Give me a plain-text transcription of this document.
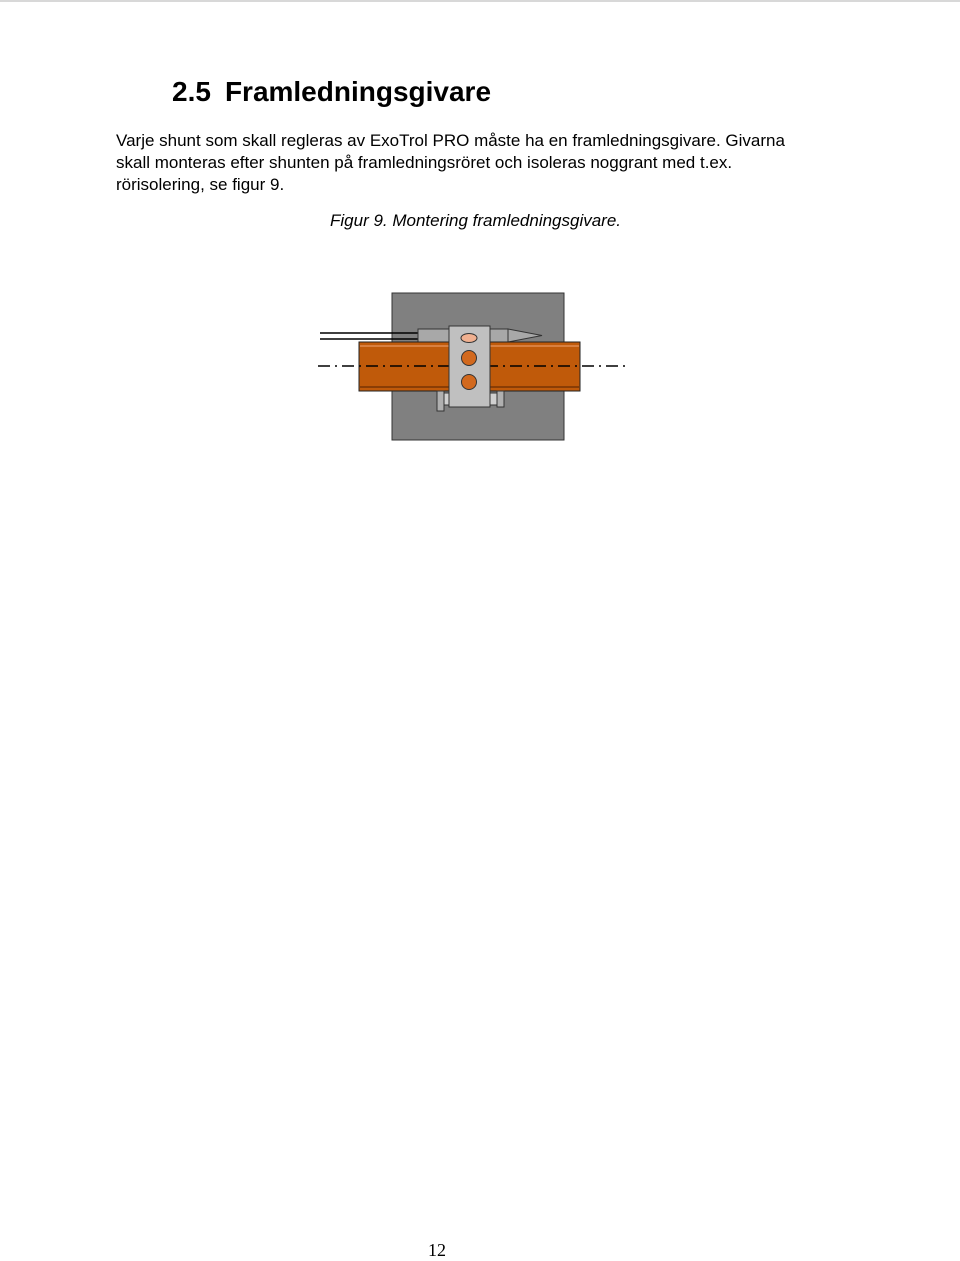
2.5 Framledningsgivare

Varje shunt som skall regleras av ExoTrol PRO måste ha en framledningsgivare. Givarna
skall monteras efter shunten på framledningsröret och isoleras noggrant med t.ex.
rörisolering, se figur 9.

Figur 9. Montering framledningsgivare.

12
